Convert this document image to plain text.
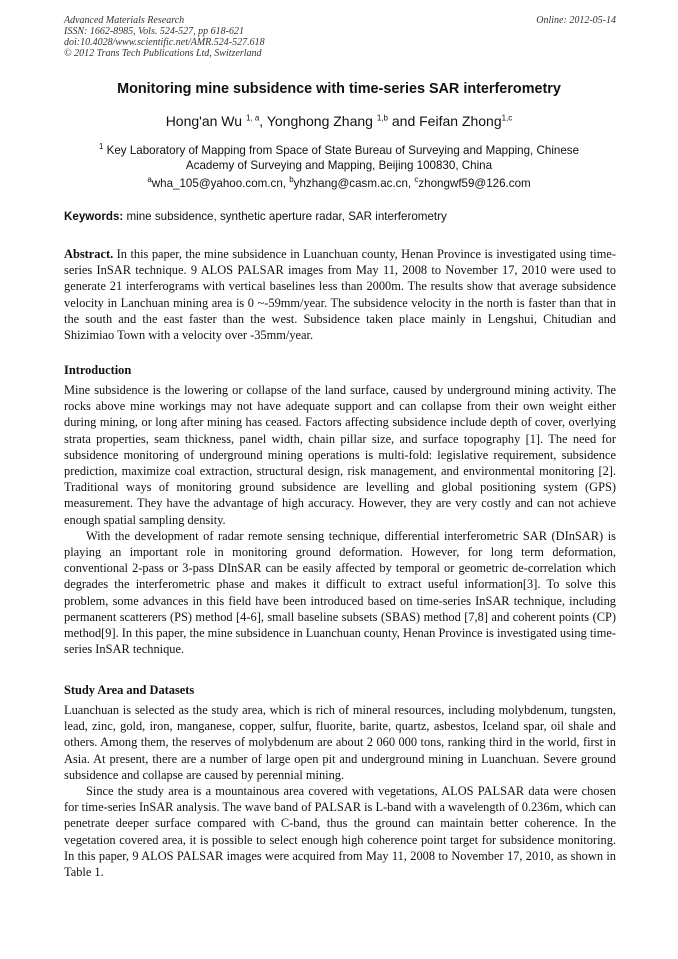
Advanced Materials Research
ISSN: 1662-8985, Vols. 524-527, pp 618-621
doi:10.4028/www.scientific.net/AMR.524-527.618
© 2012 Trans Tech Publications Ltd, Switzerland
Online: 2012-05-14
Monitoring mine subsidence with time-series SAR interferometry
Hong'an Wu $^{1, a}$, Yonghong Zhang $^{1,b}$ and Feifan Zhong$^{1,c}$
$^1$ Key Laboratory of Mapping from Space of State Bureau of Surveying and Mapping, Chinese Academy of Surveying and Mapping, Beijing 100830, China
$^a$wha_105@yahoo.com.cn, $^b$yhzhang@casm.ac.cn, $^c$zhongwf59@126.com
Keywords: mine subsidence, synthetic aperture radar, SAR interferometry

Abstract. In this paper, the mine subsidence in Luanchuan county, Henan Province is investigated using time-series InSAR technique. 9 ALOS PALSAR images from May 11, 2008 to November 17, 2010 were used to generate 21 interferograms with vertical baselines less than 2000m. The results show that average subsidence velocity in Lanchuan mining area is 0 ~-59mm/year. The subsidence velocity in the north is faster than that in the south and the east faster than the west. Subsidence taken place mainly in Lengshui, Chitudian and Shizimiao Town with a velocity over -35mm/year.

Introduction

Mine subsidence is the lowering or collapse of the land surface, caused by underground mining activity. The rocks above mine workings may not have adequate support and can collapse from their own weight either during mining, or long after mining has ceased. Factors affecting subsidence include depth of cover, overlying strata properties, seam thickness, panel width, chain pillar size, and surface topography [1]. The need for subsidence monitoring of underground mining operations is multi-fold: legislative requirement, subsidence prediction, maximize coal extraction, structural design, risk management, and environmental monitoring [2]. Traditional ways of monitoring ground subsidence are levelling and global positioning system (GPS) measurement. They have the advantage of high accuracy. However, they are very costly and can not achieve enough spatial sampling density.

With the development of radar remote sensing technique, differential interferometric SAR (DInSAR) is playing an important role in monitoring ground deformation. However, for long term deformation, conventional 2-pass or 3-pass DInSAR can be easily affected by temporal or geometric de-correlation which degrades the interferometric phase and makes it difficult to extract useful information[3]. To solve this problem, some advances in this field have been introduced based on time-series InSAR technique, including permanent scatterers (PS) method [4-6], small baseline subsets (SBAS) method [7,8] and coherent points (CP) method[9]. In this paper, the mine subsidence in Luanchuan county, Henan Province is investigated using time-series InSAR technique.

Study Area and Datasets

Luanchuan is selected as the study area, which is rich of mineral resources, including molybdenum, tungsten, lead, zinc, gold, iron, manganese, copper, sulfur, fluorite, barite, quartz, asbestos, Iceland spar, oil shale and others. Among them, the reserves of molybdenum are about 2 060 000 tons, ranking third in the world, first in Asia. At present, there are a number of large open pit and underground mining in Luanchuan. Severe ground subsidence and collapse are caused by perennial mining.

Since the study area is a mountainous area covered with vegetations, ALOS PALSAR data were chosen for time-series InSAR analysis. The wave band of PALSAR is L-band with a wavelength of 0.236m, which can penetrate deeper surface compared with C-band, thus the ground can maintain better coherence. In the vegetation covered area, it is possible to select enough high coherence point target for subsidence monitoring. In this paper, 9 ALOS PALSAR images were acquired from May 11, 2008 to November 17, 2010, as shown in Table 1.
